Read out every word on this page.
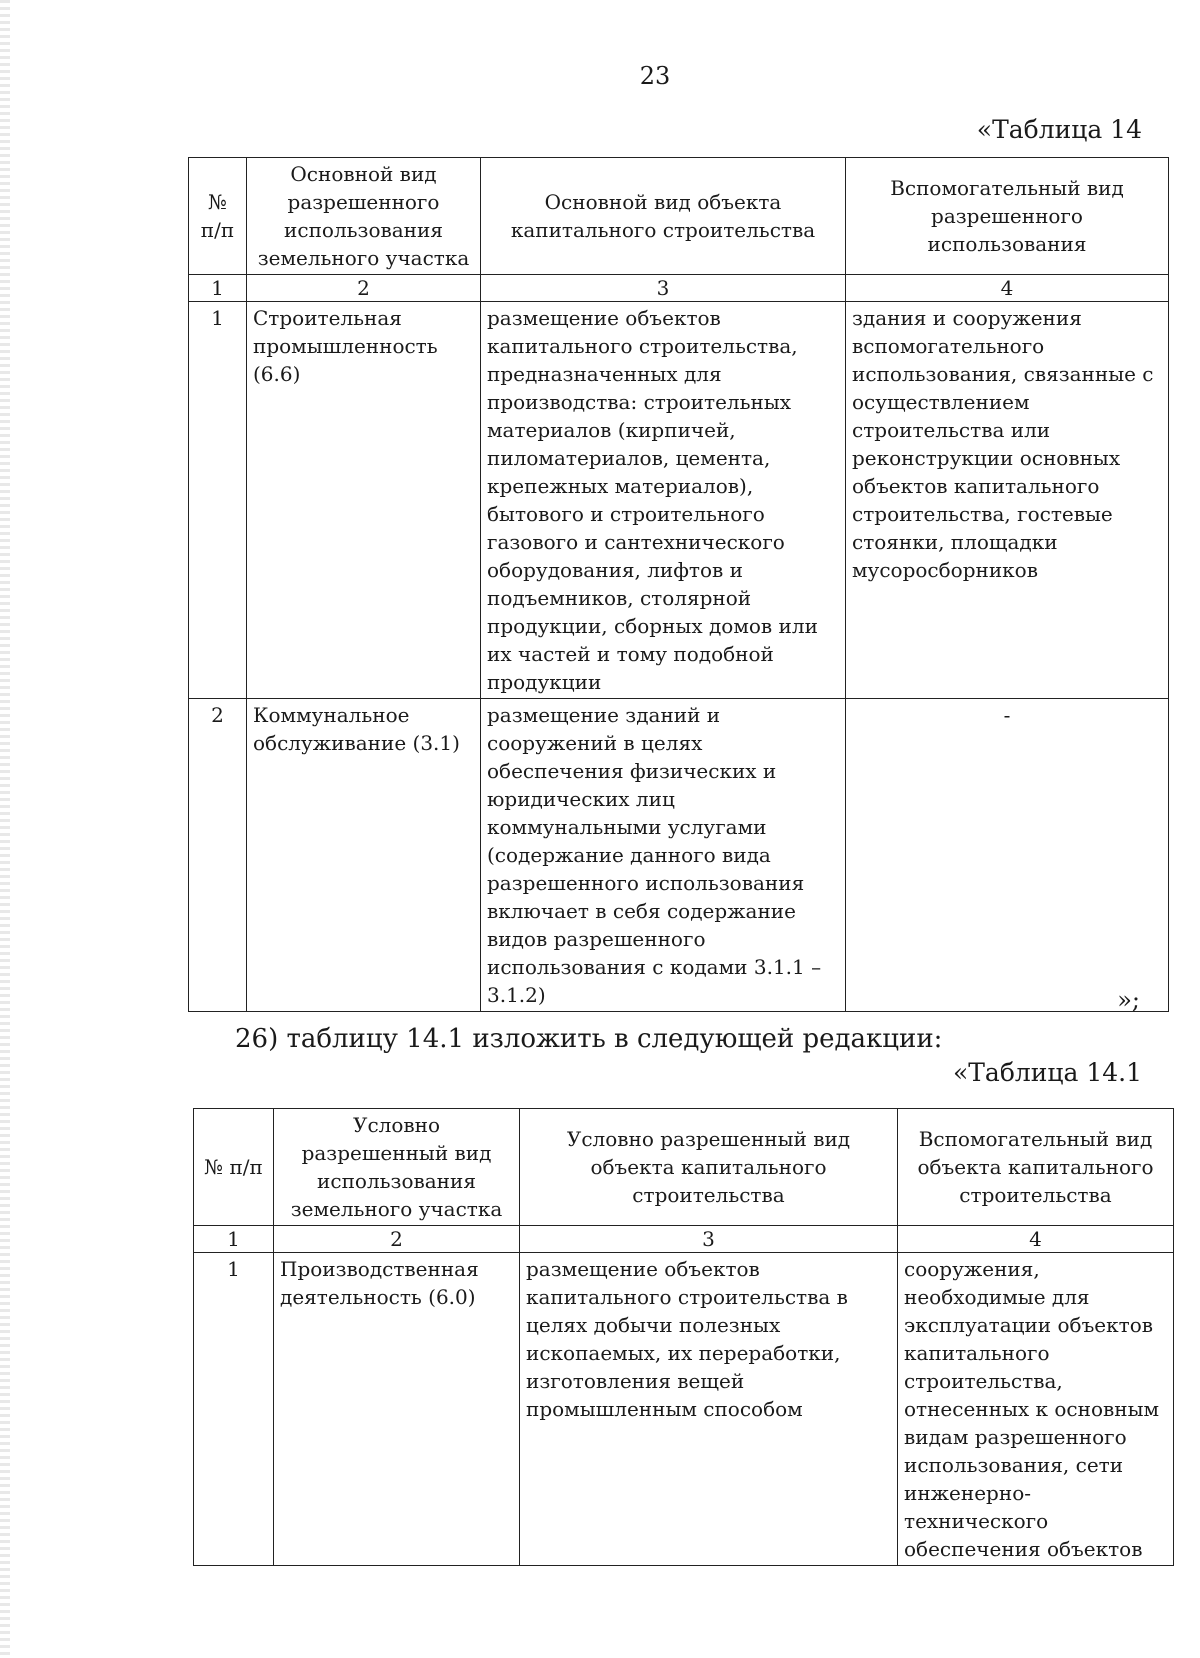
23
«Таблица 14
№ п/п	Основной вид разрешенного использования земельного участка	Основной вид объекта капитального строительства	Вспомогательный вид разрешенного использования
1	2	3	4
1	Строительная промышленность (6.6)	размещение объектов капитального строительства, предназначенных для производства: строительных материалов (кирпичей, пиломатериалов, цемента, крепежных материалов), бытового и строительного газового и сантехнического оборудования, лифтов и подъемников, столярной продукции, сборных домов или их частей и тому подобной продукции	здания и сооружения вспомогательного использования, связанные с осуществлением строительства или реконструкции основных объектов капитального строительства, гостевые стоянки, площадки мусоросборников
2	Коммунальное обслуживание (3.1)	размещение зданий и сооружений в целях обеспечения физических и юридических лиц коммунальными услугами (содержание данного вида разрешенного использования включает в себя содержание видов разрешенного использования с кодами 3.1.1 – 3.1.2)	-
»;
26) таблицу 14.1 изложить в следующей редакции:
«Таблица 14.1
№ п/п	Условно разрешенный вид использования земельного участка	Условно разрешенный вид объекта капитального строительства	Вспомогательный вид объекта капитального строительства
1	2	3	4
1	Производственная деятельность (6.0)	размещение объектов капитального строительства в целях добычи полезных ископаемых, их переработки, изготовления вещей промышленным способом	сооружения, необходимые для эксплуатации объектов капитального строительства, отнесенных к основным видам разрешенного использования, сети инженерно-технического обеспечения объектов
